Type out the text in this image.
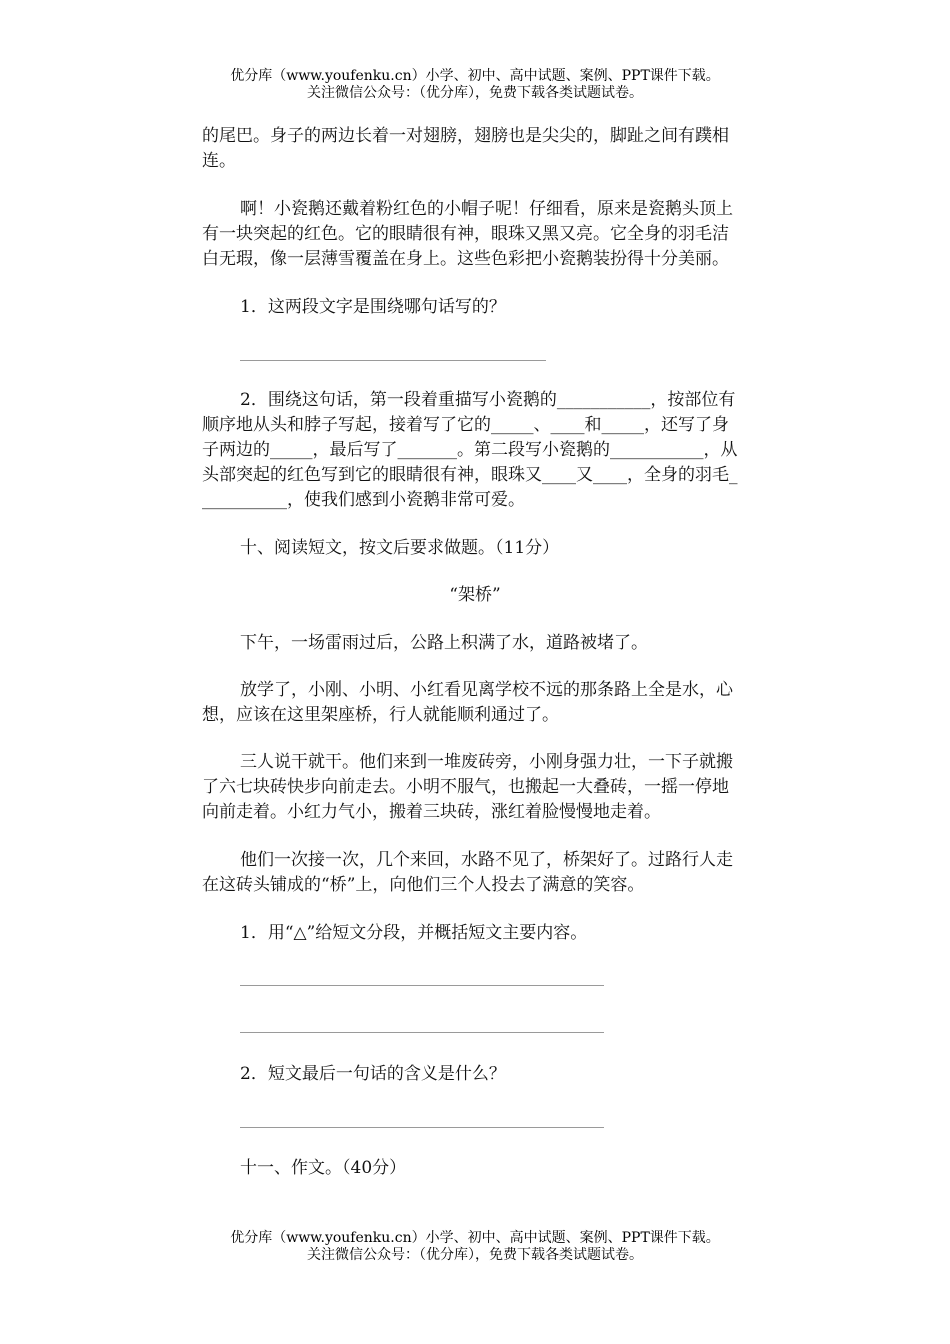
优分库（www.youfenku.cn）小学、初中、高中试题、案例、PPT课件下载。
关注微信公众号：（优分库），免费下载各类试题试卷。
的尾巴。身子的两边长着一对翅膀，翅膀也是尖尖的，脚趾之间有蹼相
连。
啊！小瓷鹅还戴着粉红色的小帽子呢！仔细看，原来是瓷鹅头顶上
有一块突起的红色。它的眼睛很有神，眼珠又黑又亮。它全身的羽毛洁
白无瑕，像一层薄雪覆盖在身上。这些色彩把小瓷鹅装扮得十分美丽。
1．这两段文字是围绕哪句话写的？
2．围绕这句话，第一段着重描写小瓷鹅的___________，按部位有
顺序地从头和脖子写起，接着写了它的_____、____和_____，还写了身
子两边的_____，最后写了_______。第二段写小瓷鹅的___________，从
头部突起的红色写到它的眼睛很有神，眼珠又____又____，全身的羽毛_
__________，使我们感到小瓷鹅非常可爱。
十、阅读短文，按文后要求做题。（11分）
“架桥”
下午，一场雷雨过后，公路上积满了水，道路被堵了。
放学了，小刚、小明、小红看见离学校不远的那条路上全是水，心
想，应该在这里架座桥，行人就能顺利通过了。
三人说干就干。他们来到一堆废砖旁，小刚身强力壮，一下子就搬
了六七块砖快步向前走去。小明不服气，也搬起一大叠砖，一摇一停地
向前走着。小红力气小，搬着三块砖，涨红着脸慢慢地走着。
他们一次接一次，几个来回，水路不见了，桥架好了。过路行人走
在这砖头铺成的“桥”上，向他们三个人投去了满意的笑容。
1．用“△”给短文分段，并概括短文主要内容。
2．短文最后一句话的含义是什么？
十一、作文。（40分）
优分库（www.youfenku.cn）小学、初中、高中试题、案例、PPT课件下载。
关注微信公众号：（优分库），免费下载各类试题试卷。
